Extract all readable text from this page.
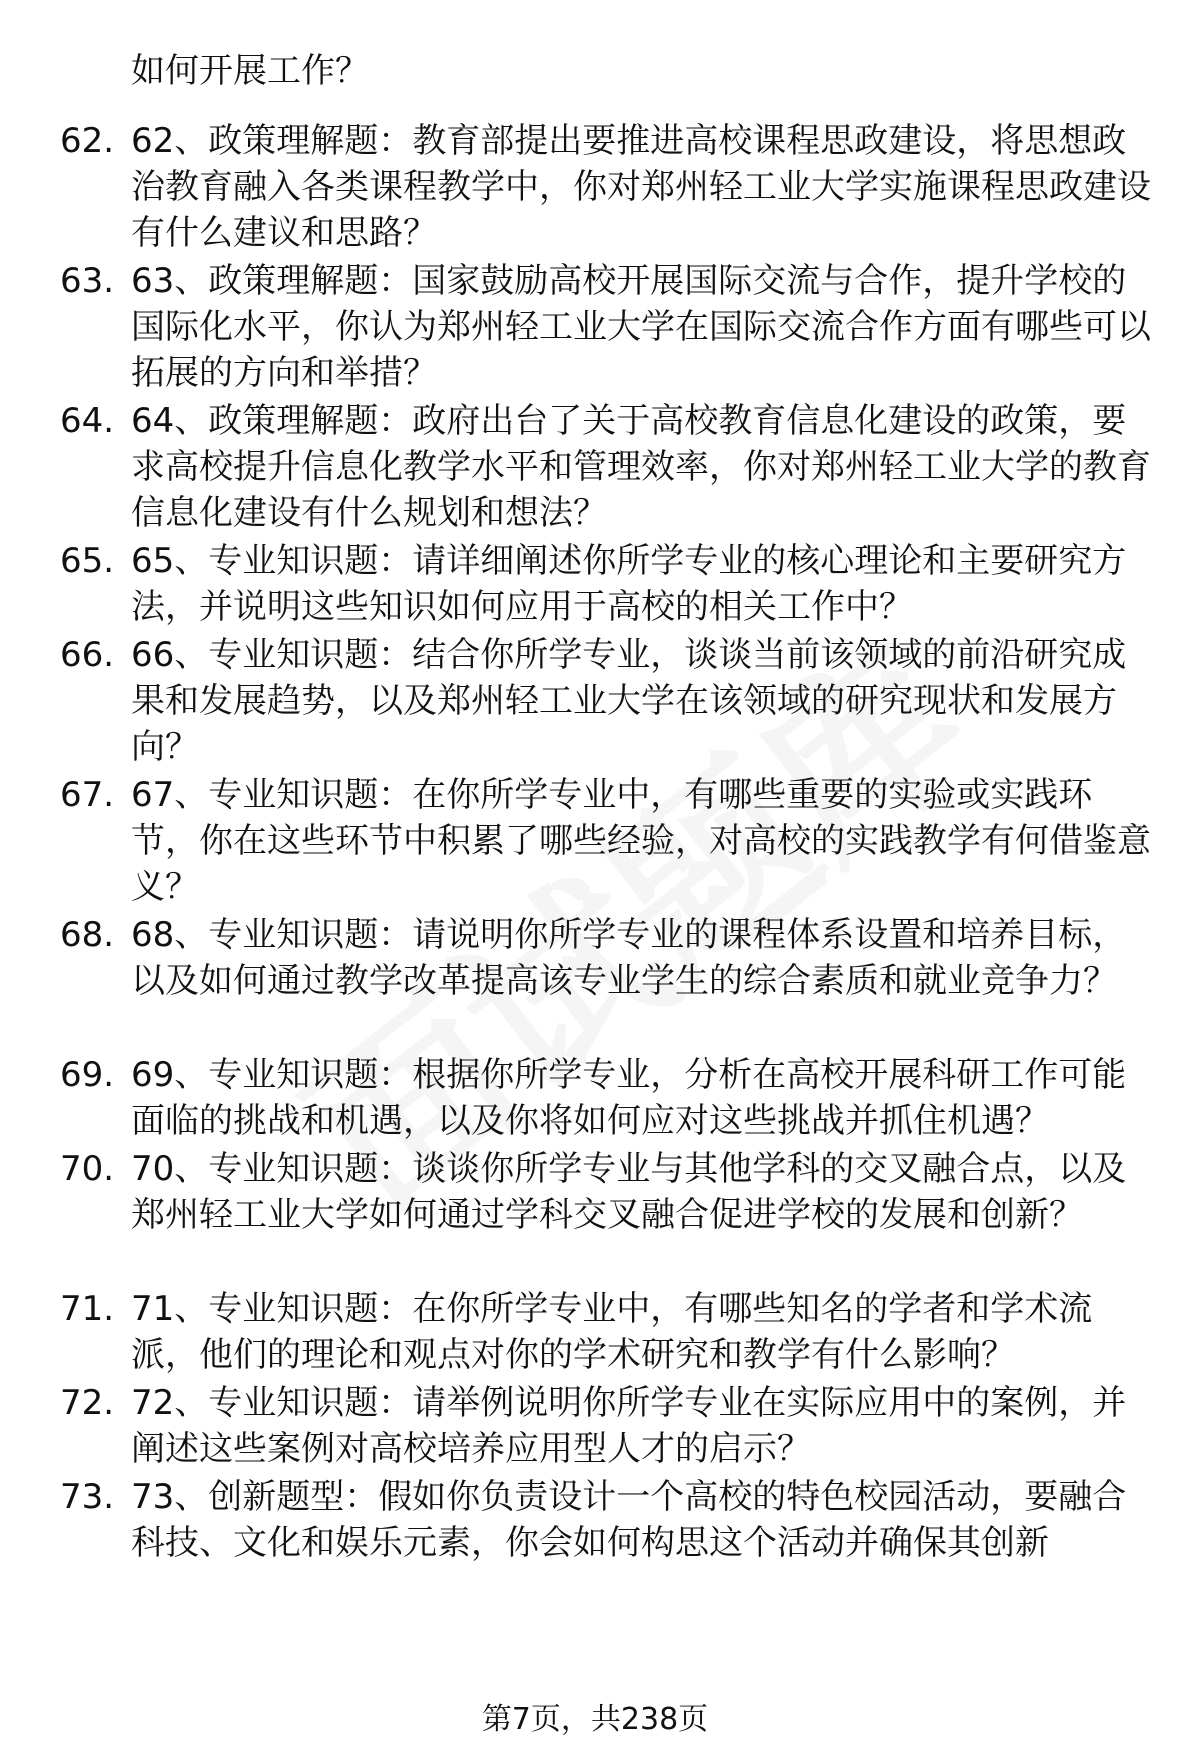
如何开展工作？

62. 62、政策理解题：教育部提出要推进高校课程思政建设，将思想政治教育融入各类课程教学中，你对郑州轻工业大学实施课程思政建设有什么建议和思路？

63. 63、政策理解题：国家鼓励高校开展国际交流与合作，提升学校的国际化水平，你认为郑州轻工业大学在国际交流合作方面有哪些可以拓展的方向和举措？

64. 64、政策理解题：政府出台了关于高校教育信息化建设的政策，要求高校提升信息化教学水平和管理效率，你对郑州轻工业大学的教育信息化建设有什么规划和想法？

65. 65、专业知识题：请详细阐述你所学专业的核心理论和主要研究方法，并说明这些知识如何应用于高校的相关工作中？

66. 66、专业知识题：结合你所学专业，谈谈当前该领域的前沿研究成果和发展趋势，以及郑州轻工业大学在该领域的研究现状和发展方向？

67. 67、专业知识题：在你所学专业中，有哪些重要的实验或实践环节，你在这些环节中积累了哪些经验，对高校的实践教学有何借鉴意义？

68. 68、专业知识题：请说明你所学专业的课程体系设置和培养目标，以及如何通过教学改革提高该专业学生的综合素质和就业竞争力？

69. 69、专业知识题：根据你所学专业，分析在高校开展科研工作可能面临的挑战和机遇，以及你将如何应对这些挑战并抓住机遇？

70. 70、专业知识题：谈谈你所学专业与其他学科的交叉融合点，以及郑州轻工业大学如何通过学科交叉融合促进学校的发展和创新？

71. 71、专业知识题：在你所学专业中，有哪些知名的学者和学术流派，他们的理论和观点对你的学术研究和教学有什么影响？

72. 72、专业知识题：请举例说明你所学专业在实际应用中的案例，并阐述这些案例对高校培养应用型人才的启示？

73. 73、创新题型：假如你负责设计一个高校的特色校园活动，要融合科技、文化和娱乐元素，你会如何构思这个活动并确保其创新

第7页，共238页
